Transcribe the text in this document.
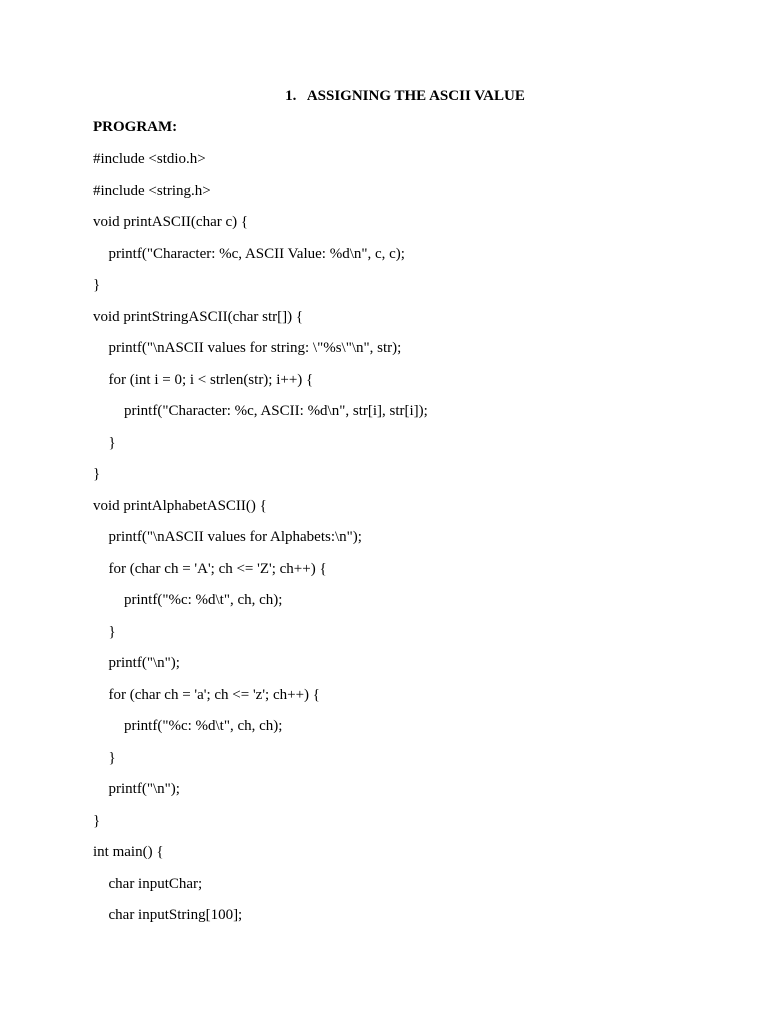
1. ASSIGNING THE ASCII VALUE
PROGRAM:
#include <stdio.h>
#include <string.h>
void printASCII(char c) {
printf("Character: %c, ASCII Value: %d\n", c, c);
}
void printStringASCII(char str[]) {
printf("\nASCII values for string: \"%s\"\n", str);
for (int i = 0; i < strlen(str); i++) {
printf("Character: %c, ASCII: %d\n", str[i], str[i]);
}
}
void printAlphabetASCII() {
printf("\nASCII values for Alphabets:\n");
for (char ch = 'A'; ch <= 'Z'; ch++) {
printf("%c: %d\t", ch, ch);
}
printf("\n");
for (char ch = 'a'; ch <= 'z'; ch++) {
printf("%c: %d\t", ch, ch);
}
printf("\n");
}
int main() {
char inputChar;
char inputString[100];
